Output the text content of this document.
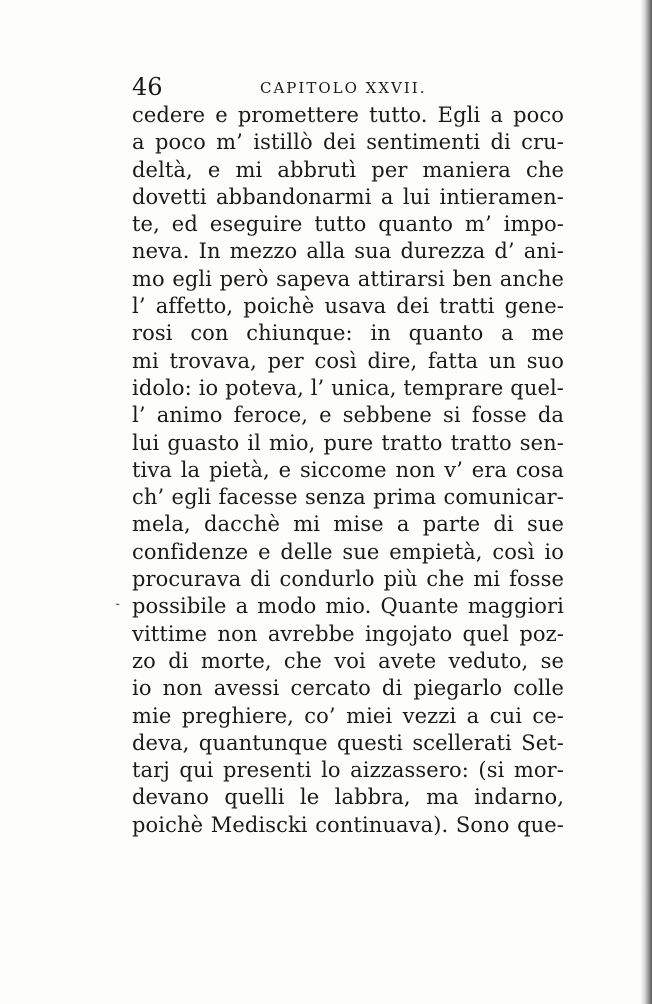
46	CAPITOLO XXVII.
ˏ
cedere e promettere tutto. Egli a poco
a poco m’ istillò dei sentimenti di cru-
deltà, e mi abbrutì per maniera che
dovetti abbandonarmi a lui intieramen-
te, ed eseguire tutto quanto m’ impo-
neva. In mezzo alla sua durezza d’ ani-
mo egli però sapeva attirarsi ben anche
l’ affetto, poichè usava dei tratti gene-
rosi con chiunque: in quanto a me
mi trovava, per così dire, fatta un suo
idolo: io poteva, l’ unica, temprare quel-
l’ animo feroce, e sebbene si fosse da
lui guasto il mio, pure tratto tratto sen-
tiva la pietà, e siccome non v’ era cosa
ch’ egli facesse senza prima comunicar-
mela, dacchè mi mise a parte di sue
confidenze e delle sue empietà, così io
procurava di condurlo più che mi fosse
possibile a modo mio. Quante maggiori
vittime non avrebbe ingojato quel poz-
zo di morte, che voi avete veduto, se
io non avessi cercato di piegarlo colle
mie preghiere, co’ miei vezzi a cui ce-
deva, quantunque questi scellerati Set-
tarj qui presenti lo aizzassero: (si mor-
devano quelli le labbra, ma indarno,
poichè Mediscki continuava). Sono que-
